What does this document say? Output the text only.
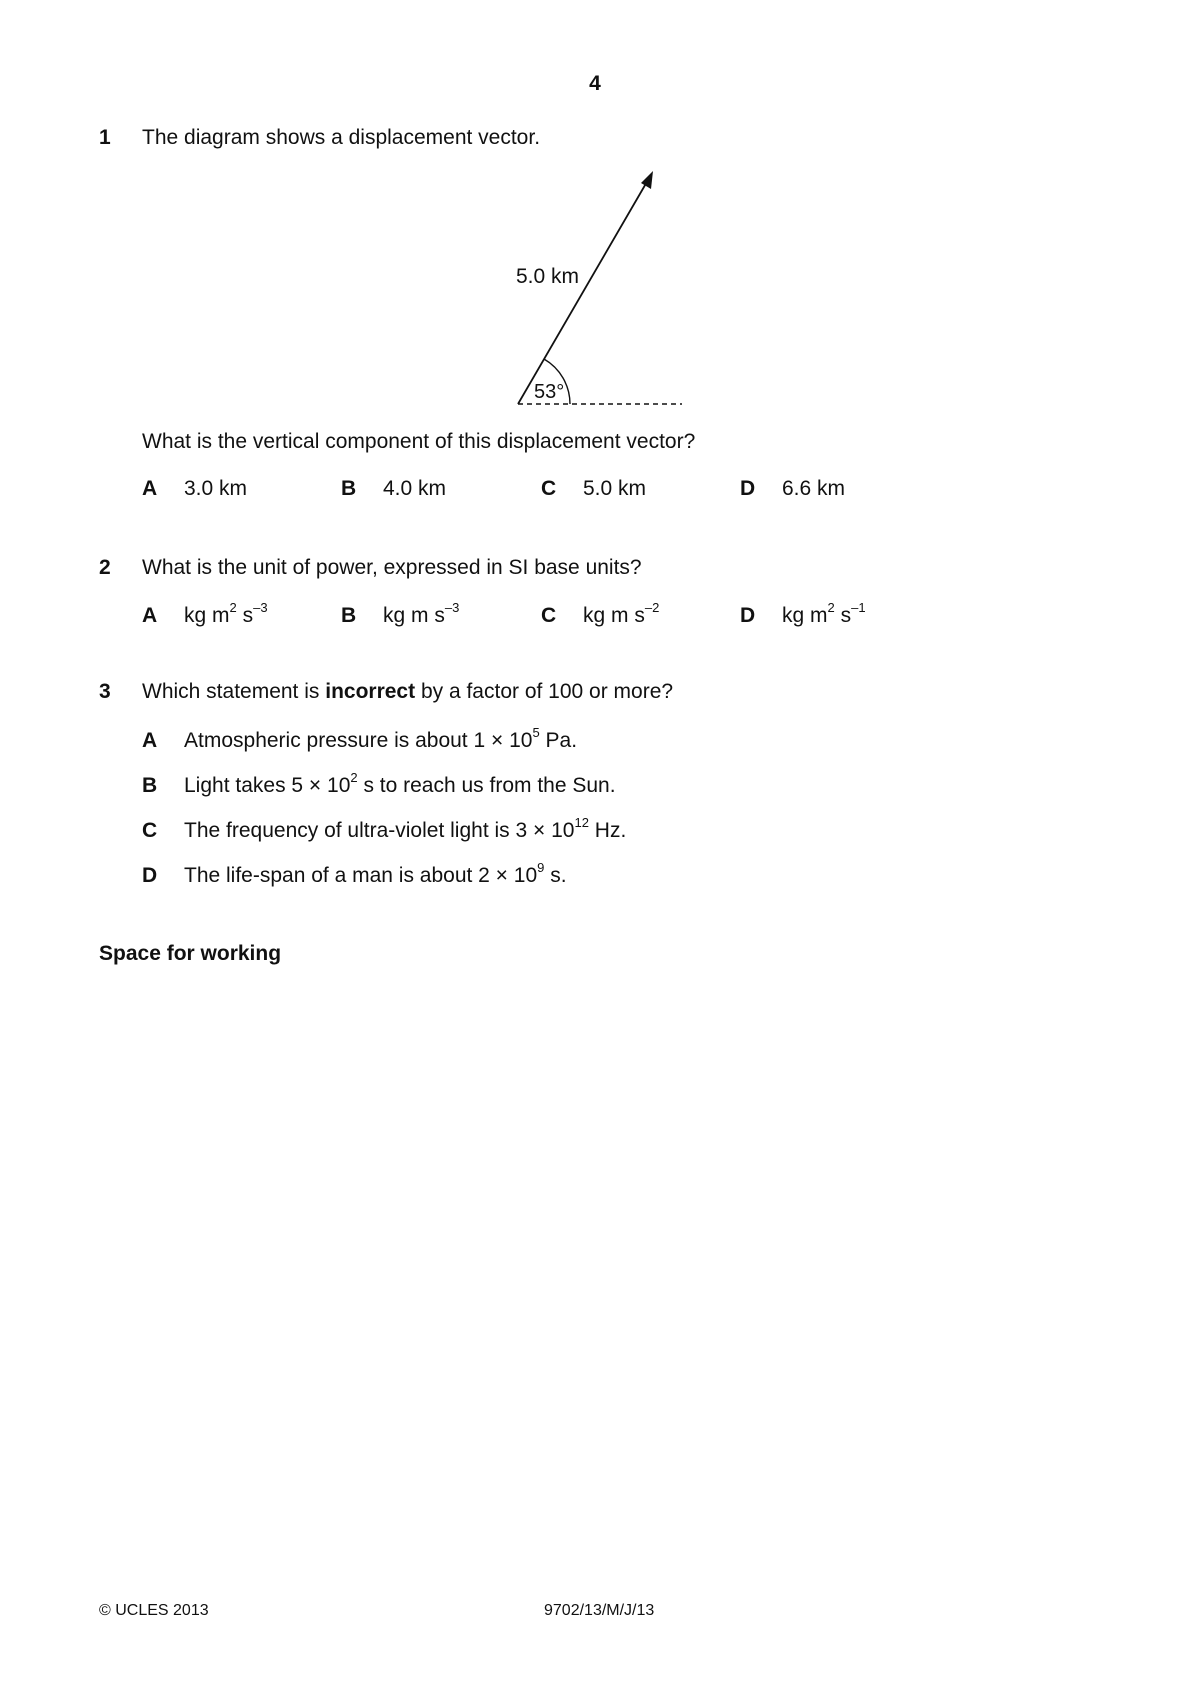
4
1 The diagram shows a displacement vector.
5.0 km
53°
What is the vertical component of this displacement vector?
A 3.0 km	B 4.0 km	C 5.0 km	D 6.6 km
2 What is the unit of power, expressed in SI base units?
A kg $m^2$ $s^{-3}$	B kg m $s^{-3}$	C kg m $s^{-2}$	D kg $m^2$ $s^{-1}$
3 Which statement is incorrect by a factor of 100 or more?
A Atmospheric pressure is about $1 \times 10^5$ Pa.
B Light takes $5 \times 10^2$ s to reach us from the Sun.
C The frequency of ultra-violet light is $3 \times 10^{12}$ Hz.
D The life-span of a man is about $2 \times 10^9$ s.
Space for working
© UCLES 2013	9702/13/M/J/13
